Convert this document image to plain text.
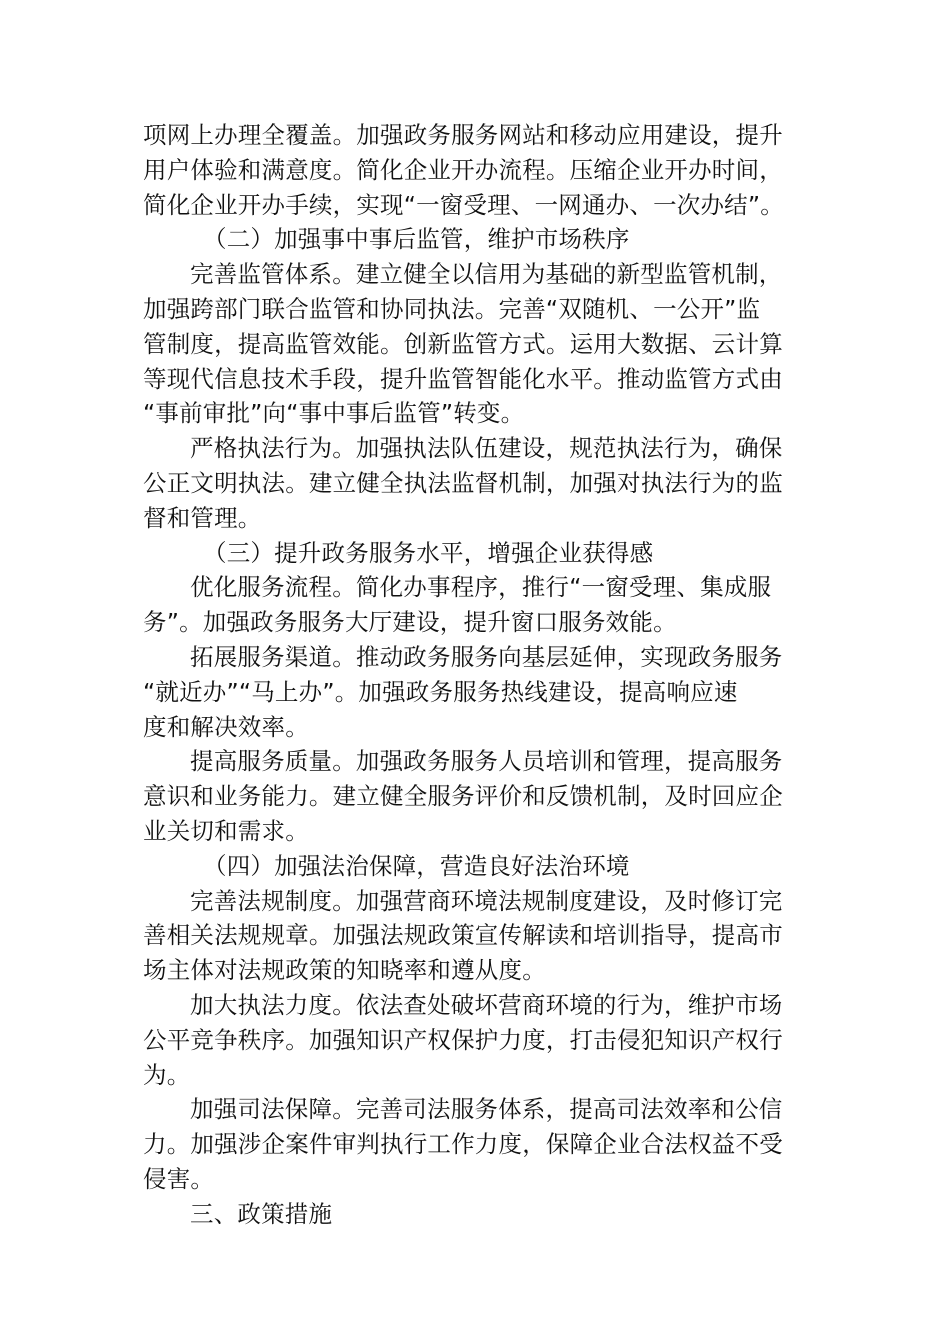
项网上办理全覆盖。加强政务服务网站和移动应用建设，提升
用户体验和满意度。简化企业开办流程。压缩企业开办时间，
简化企业开办手续，实现“一窗受理、一网通办、一次办结”。
（二）加强事中事后监管，维护市场秩序
完善监管体系。建立健全以信用为基础的新型监管机制，
加强跨部门联合监管和协同执法。完善“双随机、一公开”监
管制度，提高监管效能。创新监管方式。运用大数据、云计算
等现代信息技术手段，提升监管智能化水平。推动监管方式由
“事前审批”向“事中事后监管”转变。
严格执法行为。加强执法队伍建设，规范执法行为，确保
公正文明执法。建立健全执法监督机制，加强对执法行为的监
督和管理。
（三）提升政务服务水平，增强企业获得感
优化服务流程。简化办事程序，推行“一窗受理、集成服
务”。加强政务服务大厅建设，提升窗口服务效能。
拓展服务渠道。推动政务服务向基层延伸，实现政务服务
“就近办”“马上办”。加强政务服务热线建设，提高响应速
度和解决效率。
提高服务质量。加强政务服务人员培训和管理，提高服务
意识和业务能力。建立健全服务评价和反馈机制，及时回应企
业关切和需求。
（四）加强法治保障，营造良好法治环境
完善法规制度。加强营商环境法规制度建设，及时修订完
善相关法规规章。加强法规政策宣传解读和培训指导，提高市
场主体对法规政策的知晓率和遵从度。
加大执法力度。依法查处破坏营商环境的行为，维护市场
公平竞争秩序。加强知识产权保护力度，打击侵犯知识产权行
为。
加强司法保障。完善司法服务体系，提高司法效率和公信
力。加强涉企案件审判执行工作力度，保障企业合法权益不受
侵害。
三、政策措施
